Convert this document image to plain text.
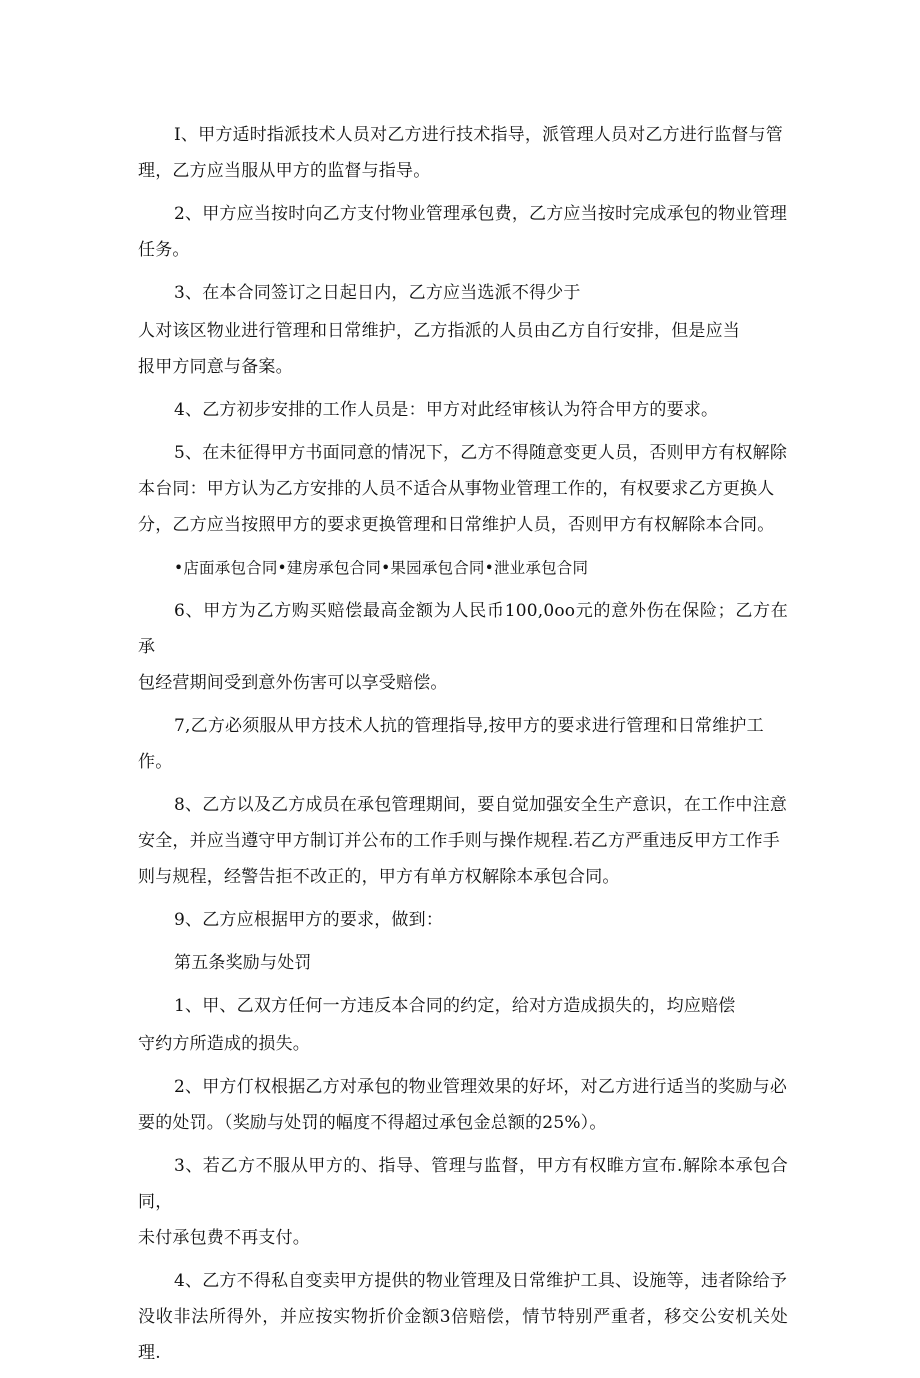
I、甲方适时指派技术人员对乙方进行技术指导，派管理人员对乙方进行监督与管
理，乙方应当服从甲方的监督与指导。
2、甲方应当按时向乙方支付物业管理承包费，乙方应当按时完成承包的物业管理
任务。
3、在本合同签订之日起日内，乙方应当选派不得少于
人对该区物业进行管理和日常维护，乙方指派的人员由乙方自行安排，但是应当
报甲方同意与备案。
4、乙方初步安排的工作人员是：甲方对此经审核认为符合甲方的要求。
5、在未征得甲方书面同意的情况下，乙方不得随意变更人员，否则甲方有权解除
本台同：甲方认为乙方安排的人员不适合从事物业管理工作的，有权要求乙方更换人
分，乙方应当按照甲方的要求更换管理和日常维护人员，否则甲方有权解除本合同。
•店面承包合同•建房承包合同•果园承包合同•泄业承包合同
6、甲方为乙方购买赔偿最高金额为人民币100,0oo元的意外伤在保险；乙方在承
包经营期间受到意外伤害可以享受赔偿。
7,乙方必须服从甲方技术人抗的管理指导,按甲方的要求进行管理和日常维护工
作。
8、乙方以及乙方成员在承包管理期间，要自觉加强安全生产意识，在工作中注意
安全，并应当遵守甲方制订并公布的工作手则与操作规程.若乙方严重违反甲方工作手
则与规程，经警告拒不改正的，甲方有单方权解除本承包合同。
9、乙方应根据甲方的要求，做到：
第五条奖励与处罚
1、甲、乙双方任何一方违反本合同的约定，给对方造成损失的，均应赔偿
守约方所造成的损失。
2、甲方仃权根据乙方对承包的物业管理效果的好坏，对乙方进行适当的奖励与必
要的处罚。（奖励与处罚的幅度不得超过承包金总额的25%）。
3、若乙方不服从甲方的、指导、管理与监督，甲方有权睢方宣布.解除本承包合同，
未付承包费不再支付。
4、乙方不得私自变卖甲方提供的物业管理及日常维护工具、设施等，违者除给予
没收非法所得外，并应按实物折价金额3倍赔偿，情节特别严重者，移交公安机关处理.
